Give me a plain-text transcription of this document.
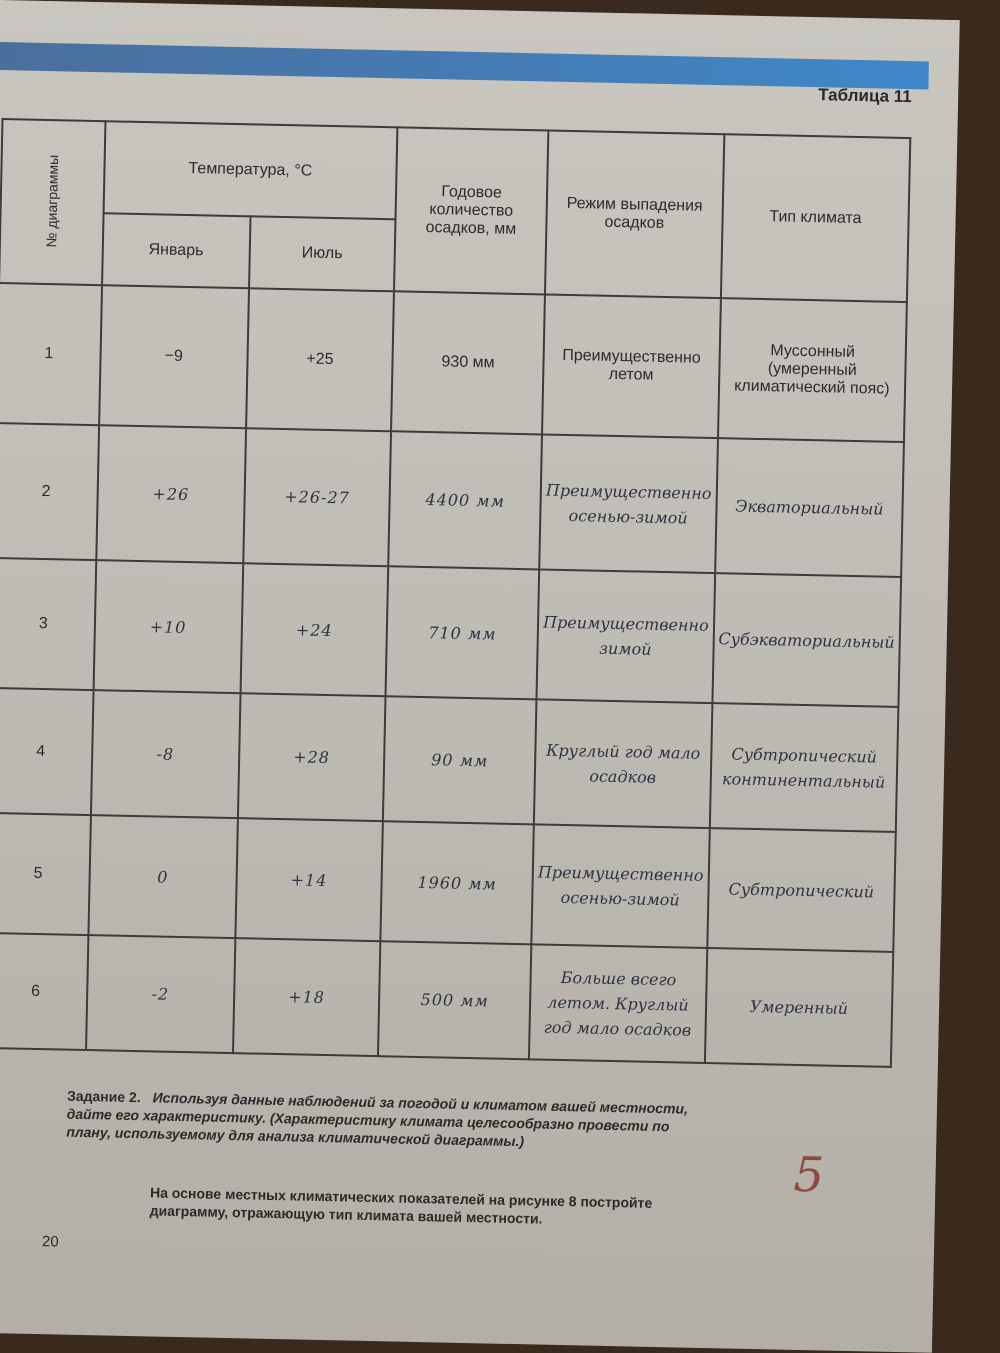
Таблица 11
№ диаграммы	Температура, °С		Годовое количество осадков, мм	Режим выпадения осадков	Тип климата
	Январь	Июль			
1	−9	+25	930 мм	Преимущественно летом	Муссонный (умеренный климатический пояс)
2	+26	+26-27	4400 мм	Преимущественно осенью-зимой	Экваториальный
3	+10	+24	710 мм	Преимущественно зимой	Субэкваториальный
4	-8	+28	90 мм	Круглый год мало осадков	Субтропический континентальный
5	0	+14	1960 мм	Преимущественно осенью-зимой	Субтропический
6	-2	+18	500 мм	Больше всего летом. Круглый год мало осадков	Умеренный
Задание 2. Используя данные наблюдений за погодой и климатом вашей местности, дайте его характеристику. (Характеристику климата целесообразно провести по плану, используемому для анализа климатической диаграммы.)
На основе местных климатических показателей на рисунке 8 постройте диаграмму, отражающую тип климата вашей местности.
20
5
